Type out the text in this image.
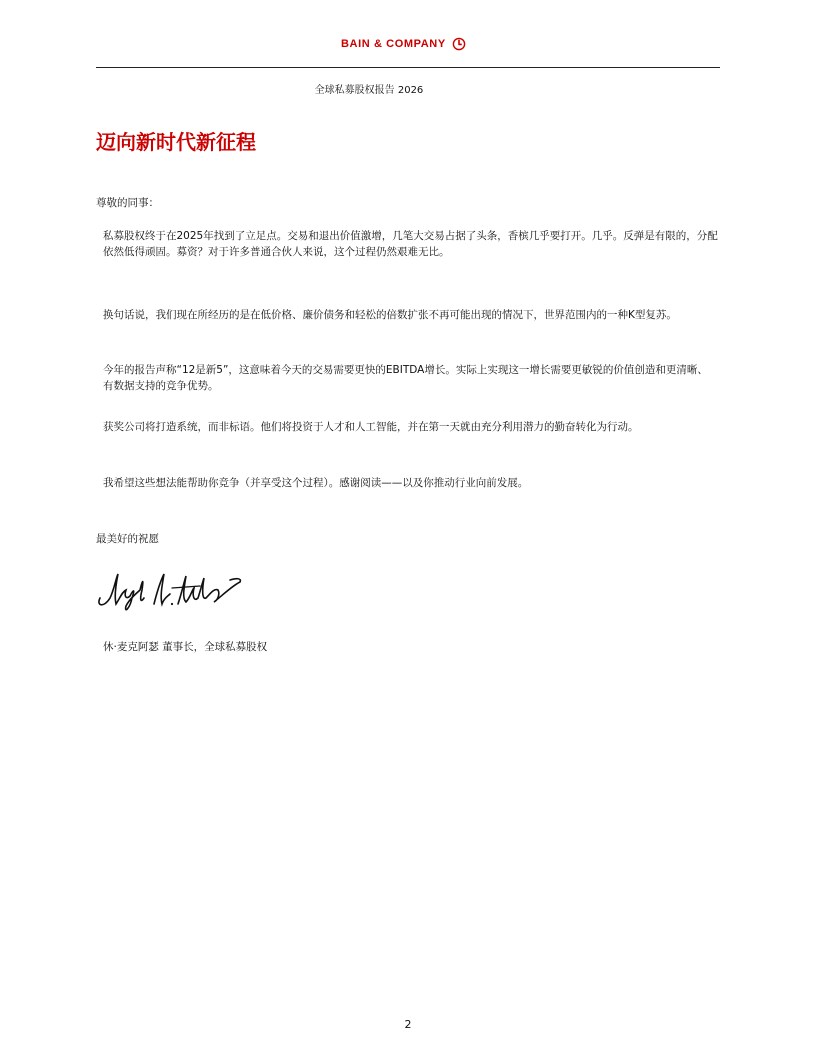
BAIN & COMPANY
全球私募股权报告 2026
迈向新时代新征程
尊敬的同事：

私募股权终于在2025年找到了立足点。交易和退出价值激增，几笔大交易占据了头条，香槟几乎要打开。几乎。反弹是有限的，分配依然低得顽固。募资？对于许多普通合伙人来说，这个过程仍然艰难无比。

换句话说，我们现在所经历的是在低价格、廉价债务和轻松的倍数扩张不再可能出现的情况下，世界范围内的一种K型复苏。

今年的报告声称“12是新5”，这意味着今天的交易需要更快的EBITDA增长。实际上实现这一增长需要更敏锐的价值创造和更清晰、有数据支持的竞争优势。

获奖公司将打造系统，而非标语。他们将投资于人才和人工智能，并在第一天就由充分利用潜力的勤奋转化为行动。

我希望这些想法能帮助你竞争（并享受这个过程）。感谢阅读——以及你推动行业向前发展。

最美好的祝愿
休·麦克阿瑟 董事长，全球私募股权
2
